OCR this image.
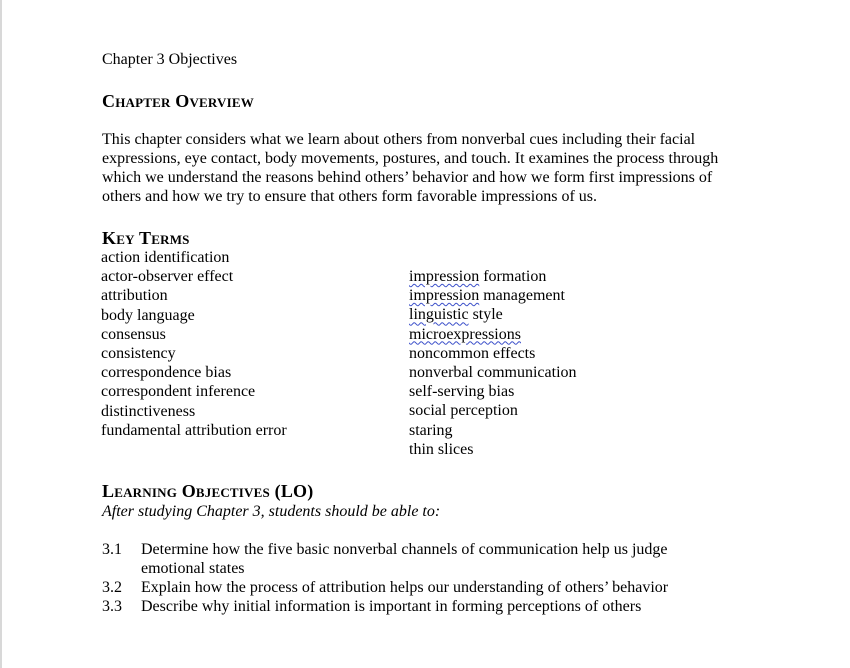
Chapter 3 Objectives
Chapter Overview
This chapter considers what we learn about others from nonverbal cues including their facial
expressions, eye contact, body movements, postures, and touch. It examines the process through
which we understand the reasons behind others’ behavior and how we form first impressions of
others and how we try to ensure that others form favorable impressions of us.
Key Terms
action identification
actor-observer effect
attribution
body language
consensus
consistency
correspondence bias
correspondent inference
distinctiveness
fundamental attribution error
impression formation
impression management
linguistic style
microexpressions
noncommon effects
nonverbal communication
self-serving bias
social perception
staring
thin slices
Learning Objectives (LO)
After studying Chapter 3, students should be able to:
3.1 Determine how the five basic nonverbal channels of communication help us judge
emotional states
3.2 Explain how the process of attribution helps our understanding of others’ behavior
3.3 Describe why initial information is important in forming perceptions of others
